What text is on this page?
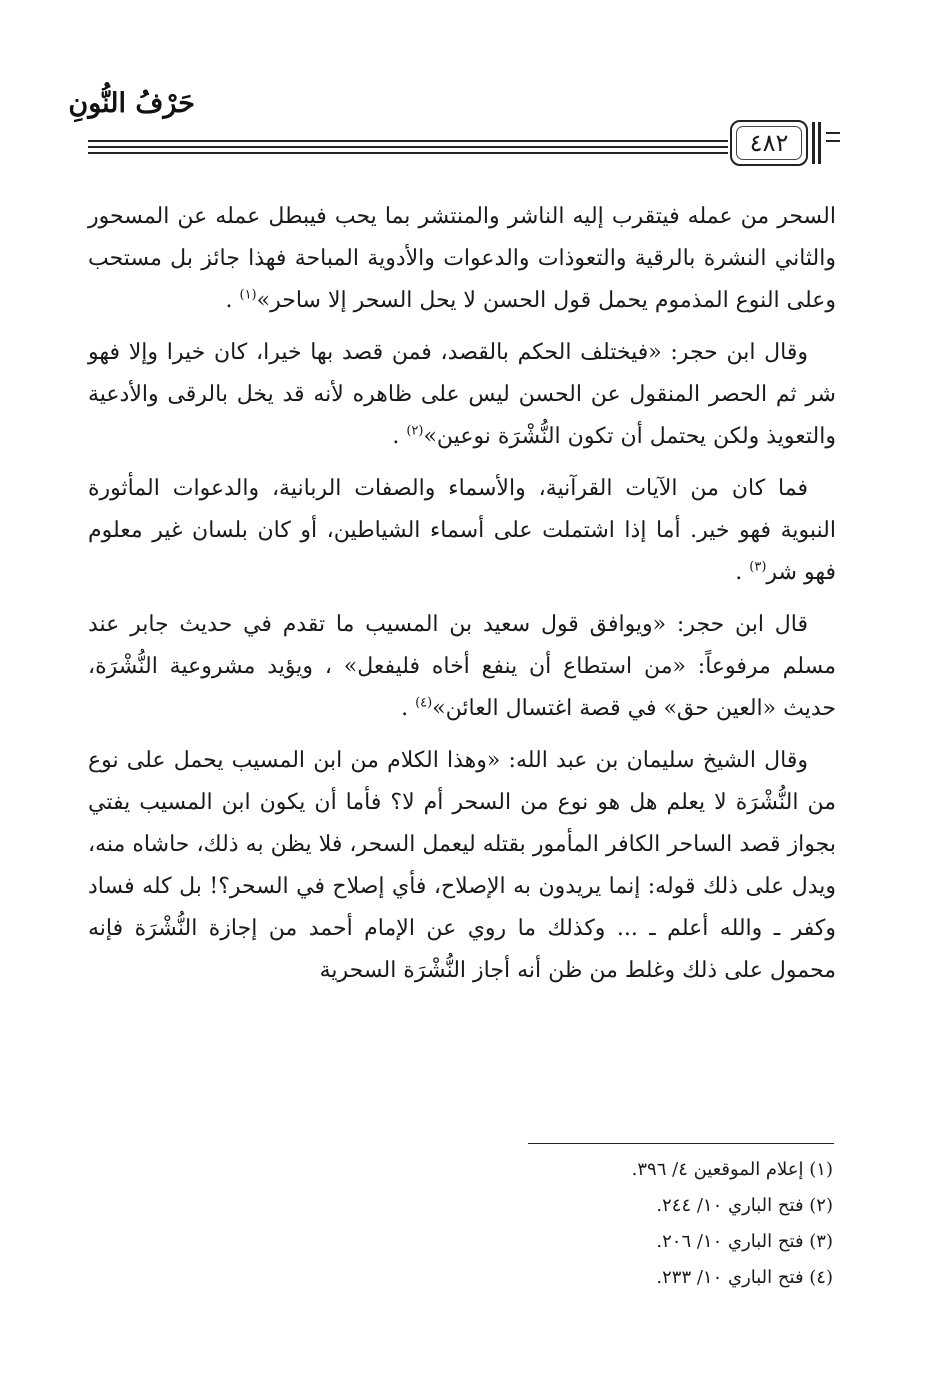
حَرْفُ النُّونِ
٤٨٢

السحر من عمله فيتقرب إليه الناشر والمنتشر بما يحب فيبطل عمله عن المسحور والثاني النشرة بالرقية والتعوذات والدعوات والأدوية المباحة فهذا جائز بل مستحب وعلى النوع المذموم يحمل قول الحسن لا يحل السحر إلا ساحر»$^{(١)}$ .

وقال ابن حجر: «فيختلف الحكم بالقصد، فمن قصد بها خيرا، كان خيرا وإلا فهو شر ثم الحصر المنقول عن الحسن ليس على ظاهره لأنه قد يخل بالرقى والأدعية والتعويذ ولكن يحتمل أن تكون النُّشْرَة نوعين»$^{(٢)}$ .

فما كان من الآيات القرآنية، والأسماء والصفات الربانية، والدعوات المأثورة النبوية فهو خير. أما إذا اشتملت على أسماء الشياطين، أو كان بلسان غير معلوم فهو شر$^{(٣)}$ .

قال ابن حجر: «ويوافق قول سعيد بن المسيب ما تقدم في حديث جابر عند مسلم مرفوعاً: «من استطاع أن ينفع أخاه فليفعل» ، ويؤيد مشروعية النُّشْرَة، حديث «العين حق» في قصة اغتسال العائن»$^{(٤)}$ .

وقال الشيخ سليمان بن عبد الله: «وهذا الكلام من ابن المسيب يحمل على نوع من النُّشْرَة لا يعلم هل هو نوع من السحر أم لا؟ فأما أن يكون ابن المسيب يفتي بجواز قصد الساحر الكافر المأمور بقتله ليعمل السحر، فلا يظن به ذلك، حاشاه منه، ويدل على ذلك قوله: إنما يريدون به الإصلاح، فأي إصلاح في السحر؟! بل كله فساد وكفر ـ والله أعلم ـ ... وكذلك ما روي عن الإمام أحمد من إجازة النُّشْرَة فإنه محمول على ذلك وغلط من ظن أنه أجاز النُّشْرَة السحرية

(١) إعلام الموقعين ٤/ ٣٩٦.
(٢) فتح الباري ١٠/ ٢٤٤.
(٣) فتح الباري ١٠/ ٢٠٦.
(٤) فتح الباري ١٠/ ٢٣٣.
